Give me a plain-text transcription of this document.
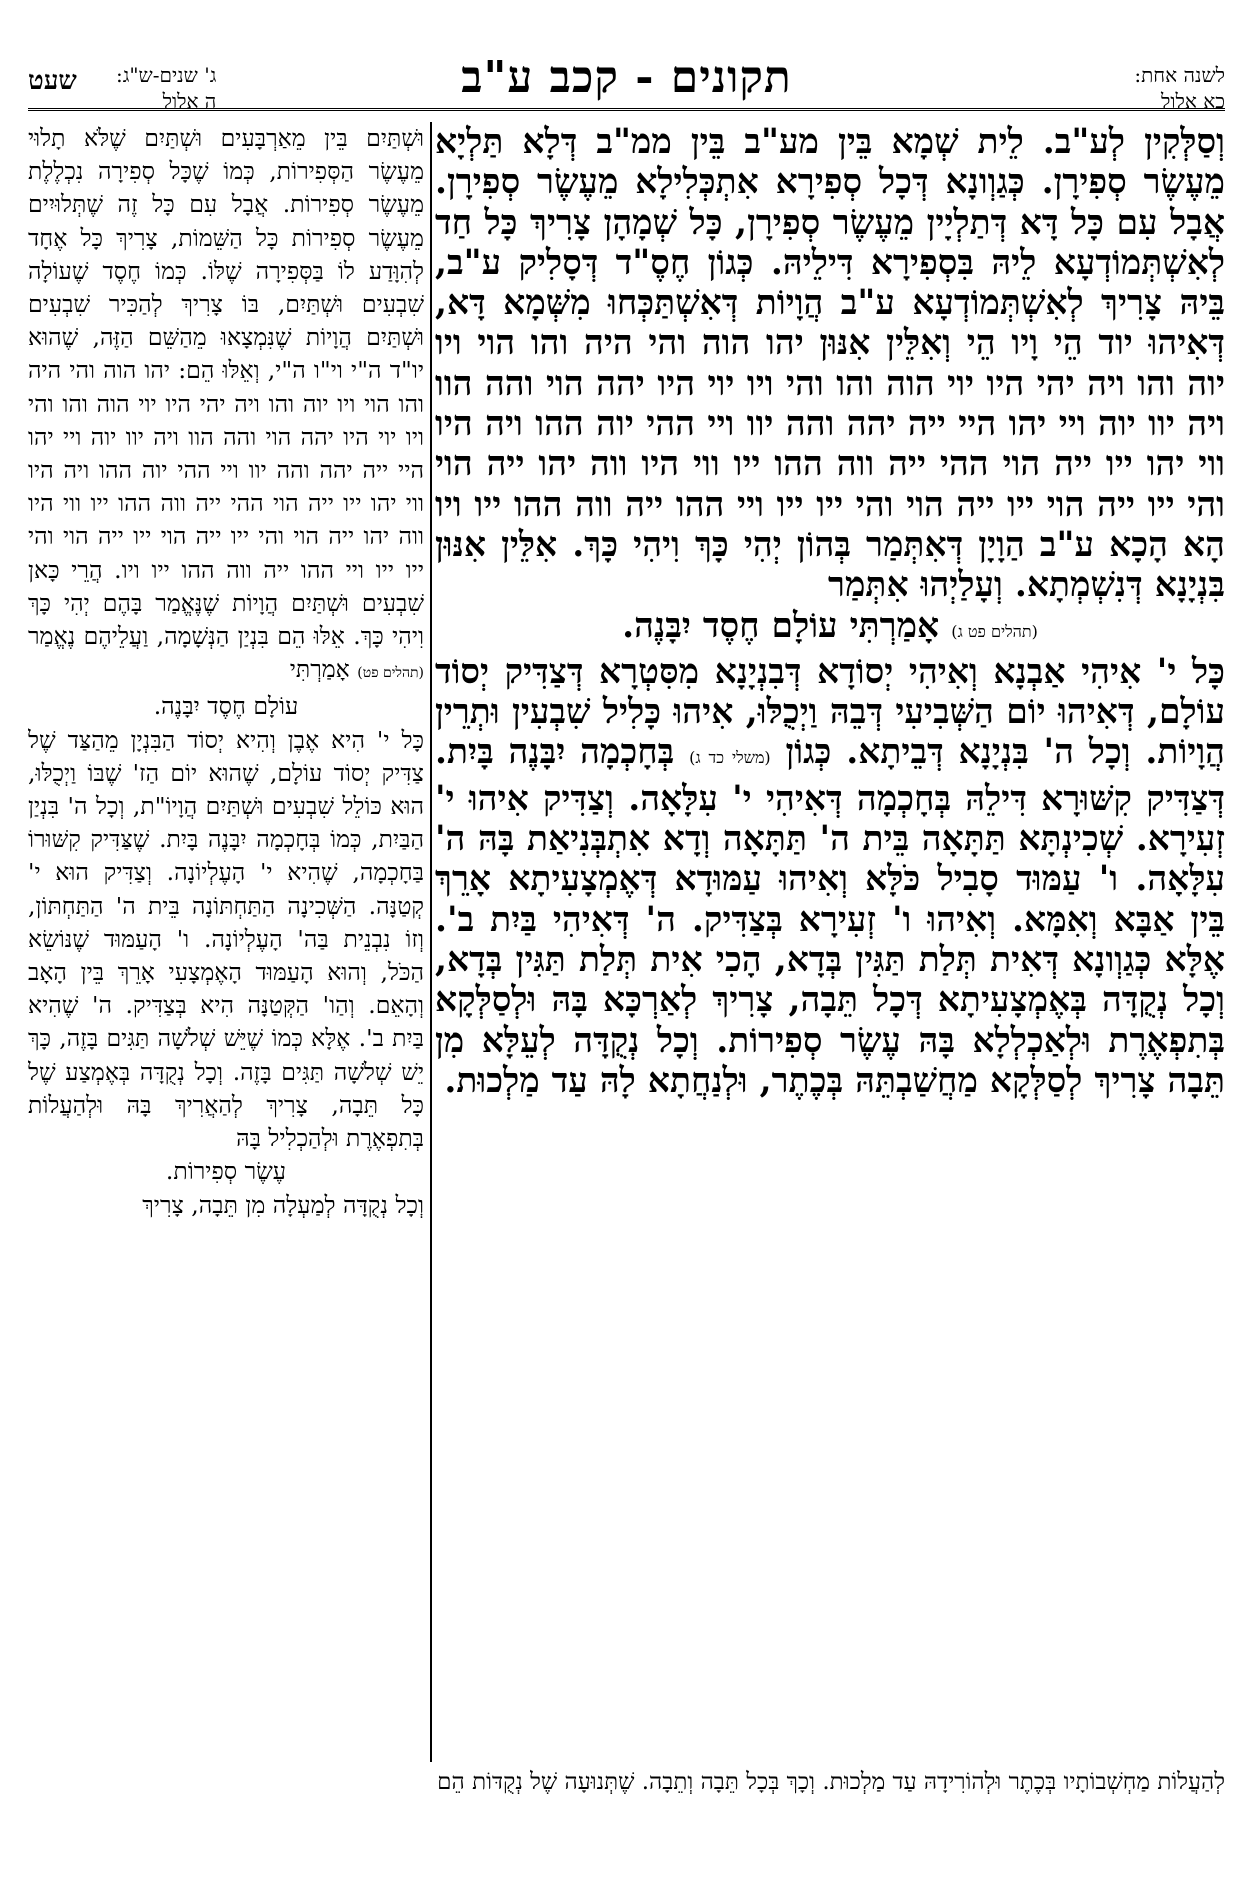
לשנה אחת:
כא אלול
תקונים - קכב ע"ב
ג' שנים-ש"ג:
ה אלול
שעט

וְסַלְּקִין לְע"ב. לֵית שְׁמָא בֵּין מע"ב בֵּין ממ"ב דְּלָא תַּלְיָא מֵעֶשֶׂר סְפִירָן. כְּגַוְונָא דְּכָל סְפִירָא אִתְכְּלִילָא מֵעֶשֶׂר סְפִירָן. אֲבָל עִם כָּל דָּא דְּתַלְיָין מֵעֶשֶׂר סְפִירָן, כָּל שְׁמָהָן צָרִיךְ כָּל חַד לְאִשְׁתְּמוֹדְעָא לֵיהּ בִּסְפִירָא דִּילֵיהּ. כְּגוֹן חֶסֶ"ד דְּסָלִיק ע"ב, בֵּיהּ צָרִיךְ לְאִשְׁתְּמוֹדְעָא ע"ב הֲוָיוֹת דְּאִשְׁתַּכְּחוּ מִשְּׁמָא דָּא, דְּאִיהוּ יוד הֵי וָיו הֵי וְאִלֵּין אִנּוּן יהו הוה והי היה והו הוי ויו יוה והו ויה יהי היו יוי הוה והו והי ויו יוי היו יהה הוי והה הוו ויה יוו יוה ויי יהו היי ייה יהה והה יוו ויי ההי יוה ההו ויה היו ווי יהו ייו ייה הוי ההי ייה ווה ההו ייו ווי היו ווה יהו ייה הוי והי ייו ייה הוי ייו ייה הוי והי ייו ייו ויי ההו ייה ווה ההו ייו ויו הָא הָכָא ע"ב הַוָיָן דְּאִתְּמַר בְּהוֹן יְהִי כָּךְ וִיהִי כָּךְ. אִלֵּין אִנּוּן בִּנְיָנָא דְּנִשְׁמְתָא. וְעָלַיְהוּ אִתְּמַר

(תהלים פט ג) אָמַרְתִּי עוֹלָם חֶסֶד יִבָּנֶה.

כָּל י' אִיהִי אַבְנָא וְאִיהִי יְסוֹדָא דְּבִנְיָנָא מִסִּטְרָא דְּצַדִּיק יְסוֹד עוֹלָם, דְּאִיהוּ יוֹם הַשְּׁבִיעִי דְּבֵהּ וַיְכֻלּוּ, אִיהוּ כָּלִיל שִׁבְעִין וּתְרֵין הֲוָיוֹת. וְכָל ה' בִּנְיָנָא דְּבֵיתָא. כְּגוֹן (משלי כד ג) בְּחָכְמָה יִבָּנֶה בָּיִת. דְּצַדִּיק קִשּׁוּרָא דִּילֵהּ בְּחָכְמָה דְּאִיהִי י' עִלָּאָה. וְצַדִּיק אִיהוּ י' זְעִירָא. שְׁכִינְתָּא תַּתָּאָה בֵּית ה' תַּתָּאָה וְדָא אִתְבְּנִיאַת בָּהּ ה' עִלָּאָה. ו' עַמּוּד סָבִיל כֹּלָּא וְאִיהוּ עַמּוּדָא דְּאֶמְצָעִיתָא אָרֵךְ בֵּין אַבָּא וְאִמָּא. וְאִיהוּ ו' זְעִירָא בְּצַדִּיק. ה' דְּאִיהִי בַּיִת ב'. אֶלָּא כְּגַוְונָא דְּאִית תְּלַת תַּגִּין בְּדָא, הָכִי אִית תְּלַת תַּגִּין בְּדָא, וְכָל נְקֻדָּה בְּאֶמְצָעִיתָא דְּכָל תֵּבָה, צָרִיךְ לְאַרְכָּא בָּהּ וּלְסַלְּקָא בְּתִפְאֶרֶת וּלְאַכְלְלָא בָּהּ עֶשֶׂר סְפִירוֹת. וְכָל נְקֻדָּה לְעֵלָּא מִן תֵּבָה צָרִיךְ לְסַלְּקָא מַחֲשַׁבְתֵּהּ בְּכֶתֶר, וּלְנַחֲתָא לָהּ עַד מַלְכוּת.

וּשְׁתַּיִם בֵּין מֵאַרְבָּעִים וּשְׁתַּיִם שֶׁלֹּא תָלוּי מֵעֶשֶׂר הַסְּפִירוֹת, כְּמוֹ שֶׁכָּל סְפִירָה נִכְלֶלֶת מֵעֶשֶׂר סְפִירוֹת. אֲבָל עִם כָּל זֶה שֶׁתְּלוּיִים מֵעֶשֶׂר סְפִירוֹת כָּל הַשֵּׁמוֹת, צָרִיךְ כָּל אֶחָד לְהִוָּדַע לוֹ בַּסְּפִירָה שֶׁלּוֹ. כְּמוֹ חֶסֶד שֶׁעוֹלָה שִׁבְעִים וּשְׁתַּיִם, בּוֹ צָרִיךְ לְהַכִּיר שִׁבְעִים וּשְׁתַּיִם הֲוָיוֹת שֶׁנִּמְצָאוּ מֵהַשֵּׁם הַזֶּה, שֶׁהוּא יו"ד ה"י וי"ו ה"י, וְאֵלּוּ הֵם: יהו הוה והי היה והו הוי ויו יוה והו ויה יהי היו יוי הוה והו והי ויו יוי היו יהה הוי והה הוו ויה יוו יוה ויי יהו היי ייה יהה והה יוו ויי ההי יוה ההו ויה היו ווי יהו ייו ייה הוי ההי ייה ווה ההו ייו ווי היו ווה יהו ייה הוי והי ייו ייה הוי ייו ייה הוי והי ייו ייו ויי ההו ייה ווה ההו ייו ויו. הֲרֵי כָּאן שִׁבְעִים וּשְׁתַּיִם הֲוָיוֹת שֶׁנֶּאֱמַר בָּהֶם יְהִי כָּךְ וִיהִי כָּךְ. אֵלּוּ הֵם בִּנְיַן הַנְּשָׁמָה, וַעֲלֵיהֶם נֶאֱמַר (תהלים פט) אָמַרְתִּי

עוֹלָם חֶסֶד יִבָּנֶה.

כָּל י' הִיא אֶבֶן וְהִיא יְסוֹד הַבִּנְיָן מֵהַצַּד שֶׁל צַדִּיק יְסוֹד עוֹלָם, שֶׁהוּא יוֹם הַז' שֶׁבּוֹ וַיְכֻלּוּ, הוּא כּוֹלֵל שִׁבְעִים וּשְׁתַּיִם הֲוָיוֹ"ת, וְכָל ה' בִּנְיַן הַבַּיִת, כְּמוֹ בְּחָכְמָה יִבָּנֶה בָּיִת. שֶׁצַּדִּיק קִשּׁוּרוֹ בַּחָכְמָה, שֶׁהִיא י' הָעֶלְיוֹנָה. וְצַדִּיק הוּא י' קְטַנָּה. הַשְּׁכִינָה הַתַּחְתּוֹנָה בֵּית ה' הַתַּחְתּוֹן, וְזוֹ נִבְנֵית בַּה' הָעֶלְיוֹנָה. ו' הָעַמּוּד שֶׁנּוֹשֵׂא הַכֹּל, וְהוּא הָעַמּוּד הָאֶמְצָעִי אָרֵךְ בֵּין הָאָב וְהָאֵם. וְהַו' הַקְּטַנָּה הִיא בְּצַדִּיק. ה' שֶׁהִיא בַּיִת ב'. אֶלָּא כְּמוֹ שֶׁיֵּשׁ שְׁלֹשָׁה תַּגִּים בָּזֶה, כָּךְ יֵשׁ שְׁלֹשָׁה תַּגִּים בָּזֶה. וְכָל נְקֻדָּה בְּאֶמְצַע שֶׁל כָּל תֵּבָה, צָרִיךְ לְהַאֲרִיךְ בָּהּ וּלְהַעֲלוֹת בְּתִפְאֶרֶת וּלְהַכְלִיל בָּהּ

עֶשֶׂר סְפִירוֹת.

וְכָל נְקֻדָּה לְמַעְלָה מִן תֵּבָה, צָרִיךְ

לְהַעֲלוֹת מַחְשְׁבוֹתָיו בְּכֶתֶר וּלְהוֹרִידָהּ עַד מַלְכוּת. וְכָךְ בְּכָל תֵּבָה וְתֵבָה. שֶׁתְּנוּעָה שֶׁל נְקֻדּוֹת הֵם
